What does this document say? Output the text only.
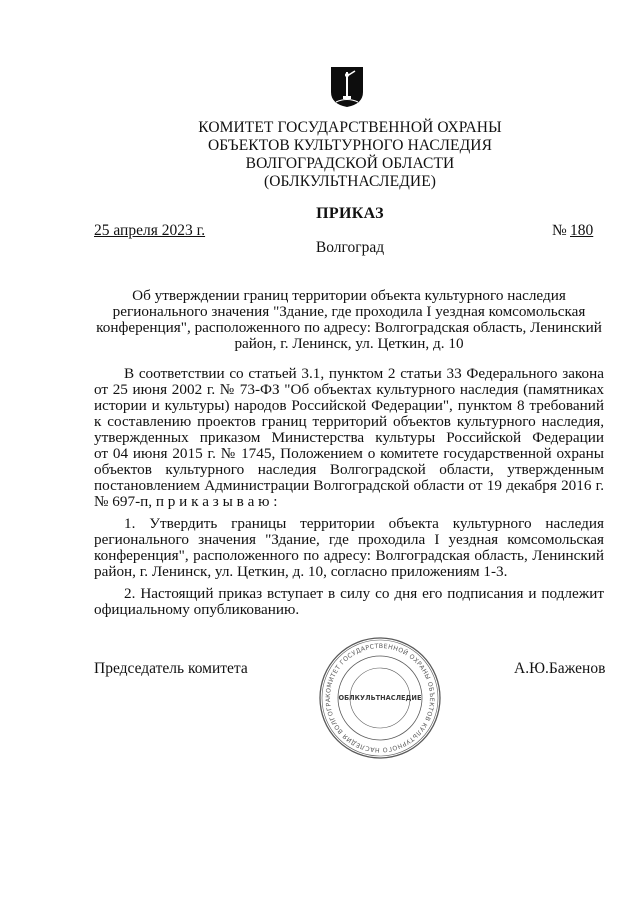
КОМИТЕТ ГОСУДАРСТВЕННОЙ ОХРАНЫ
ОБЪЕКТОВ КУЛЬТУРНОГО НАСЛЕДИЯ
ВОЛГОГРАДСКОЙ ОБЛАСТИ
(ОБЛКУЛЬТНАСЛЕДИЕ)
ПРИКАЗ
25 апреля 2023 г.	№ 180
Волгоград
Об утверждении границ территории объекта культурного наследия
регионального значения "Здание, где проходила I уездная комсомольская
конференция", расположенного по адресу: Волгоградская область, Ленинский
район, г. Ленинск, ул. Цеткин, д. 10
В соответствии со статьей 3.1, пунктом 2 статьи 33 Федерального закона
от 25 июня 2002 г. № 73-ФЗ "Об объектах культурного наследия (памятниках
истории и культуры) народов Российской Федерации", пунктом 8 требований
к составлению проектов границ территорий объектов культурного наследия,
утвержденных приказом Министерства культуры Российской Федерации
от 04 июня 2015 г. № 1745, Положением о комитете государственной охраны
объектов культурного наследия Волгоградской области, утвержденным
постановлением Администрации Волгоградской области от 19 декабря 2016 г.
№ 697-п, п р и к а з ы в а ю :
1. Утвердить границы территории объекта культурного наследия
регионального значения "Здание, где проходила I уездная комсомольская
конференция", расположенного по адресу: Волгоградская область, Ленинский
район, г. Ленинск, ул. Цеткин, д. 10, согласно приложениям 1-3.
2. Настоящий приказ вступает в силу со дня его подписания и подлежит
официальному опубликованию.
Председатель комитета	А.Ю.Баженов
КОМИТЕТ ГОСУДАРСТВЕННОЙ ОХРАНЫ ОБЪЕКТОВ КУЛЬТУРНОГО НАСЛЕДИЯ ВОЛГОГРА ОБЛКУЛЬТНАСЛЕДИЕ
